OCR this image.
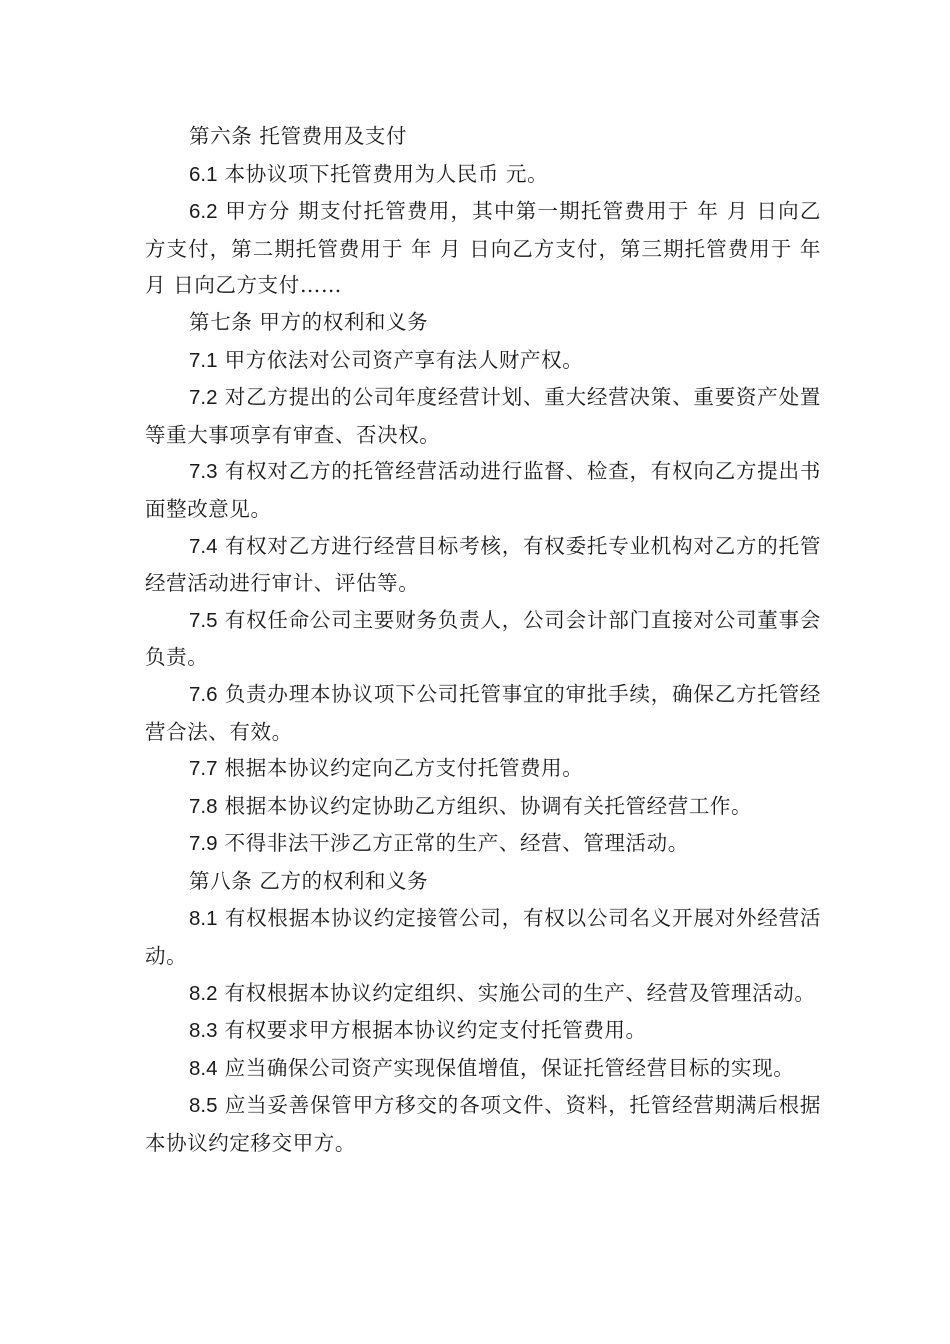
第六条 托管费用及支付

6.1 本协议项下托管费用为人民币 元。

6.2 甲方分 期支付托管费用，其中第一期托管费用于 年 月 日向乙方支付，第二期托管费用于 年 月 日向乙方支付，第三期托管费用于 年 月 日向乙方支付……

第七条 甲方的权利和义务

7.1 甲方依法对公司资产享有法人财产权。

7.2 对乙方提出的公司年度经营计划、重大经营决策、重要资产处置等重大事项享有审查、否决权。

7.3 有权对乙方的托管经营活动进行监督、检查，有权向乙方提出书面整改意见。

7.4 有权对乙方进行经营目标考核，有权委托专业机构对乙方的托管经营活动进行审计、评估等。

7.5 有权任命公司主要财务负责人，公司会计部门直接对公司董事会负责。

7.6 负责办理本协议项下公司托管事宜的审批手续，确保乙方托管经营合法、有效。

7.7 根据本协议约定向乙方支付托管费用。

7.8 根据本协议约定协助乙方组织、协调有关托管经营工作。

7.9 不得非法干涉乙方正常的生产、经营、管理活动。

第八条 乙方的权利和义务

8.1 有权根据本协议约定接管公司，有权以公司名义开展对外经营活动。

8.2 有权根据本协议约定组织、实施公司的生产、经营及管理活动。

8.3 有权要求甲方根据本协议约定支付托管费用。

8.4 应当确保公司资产实现保值增值，保证托管经营目标的实现。

8.5 应当妥善保管甲方移交的各项文件、资料，托管经营期满后根据本协议约定移交甲方。
